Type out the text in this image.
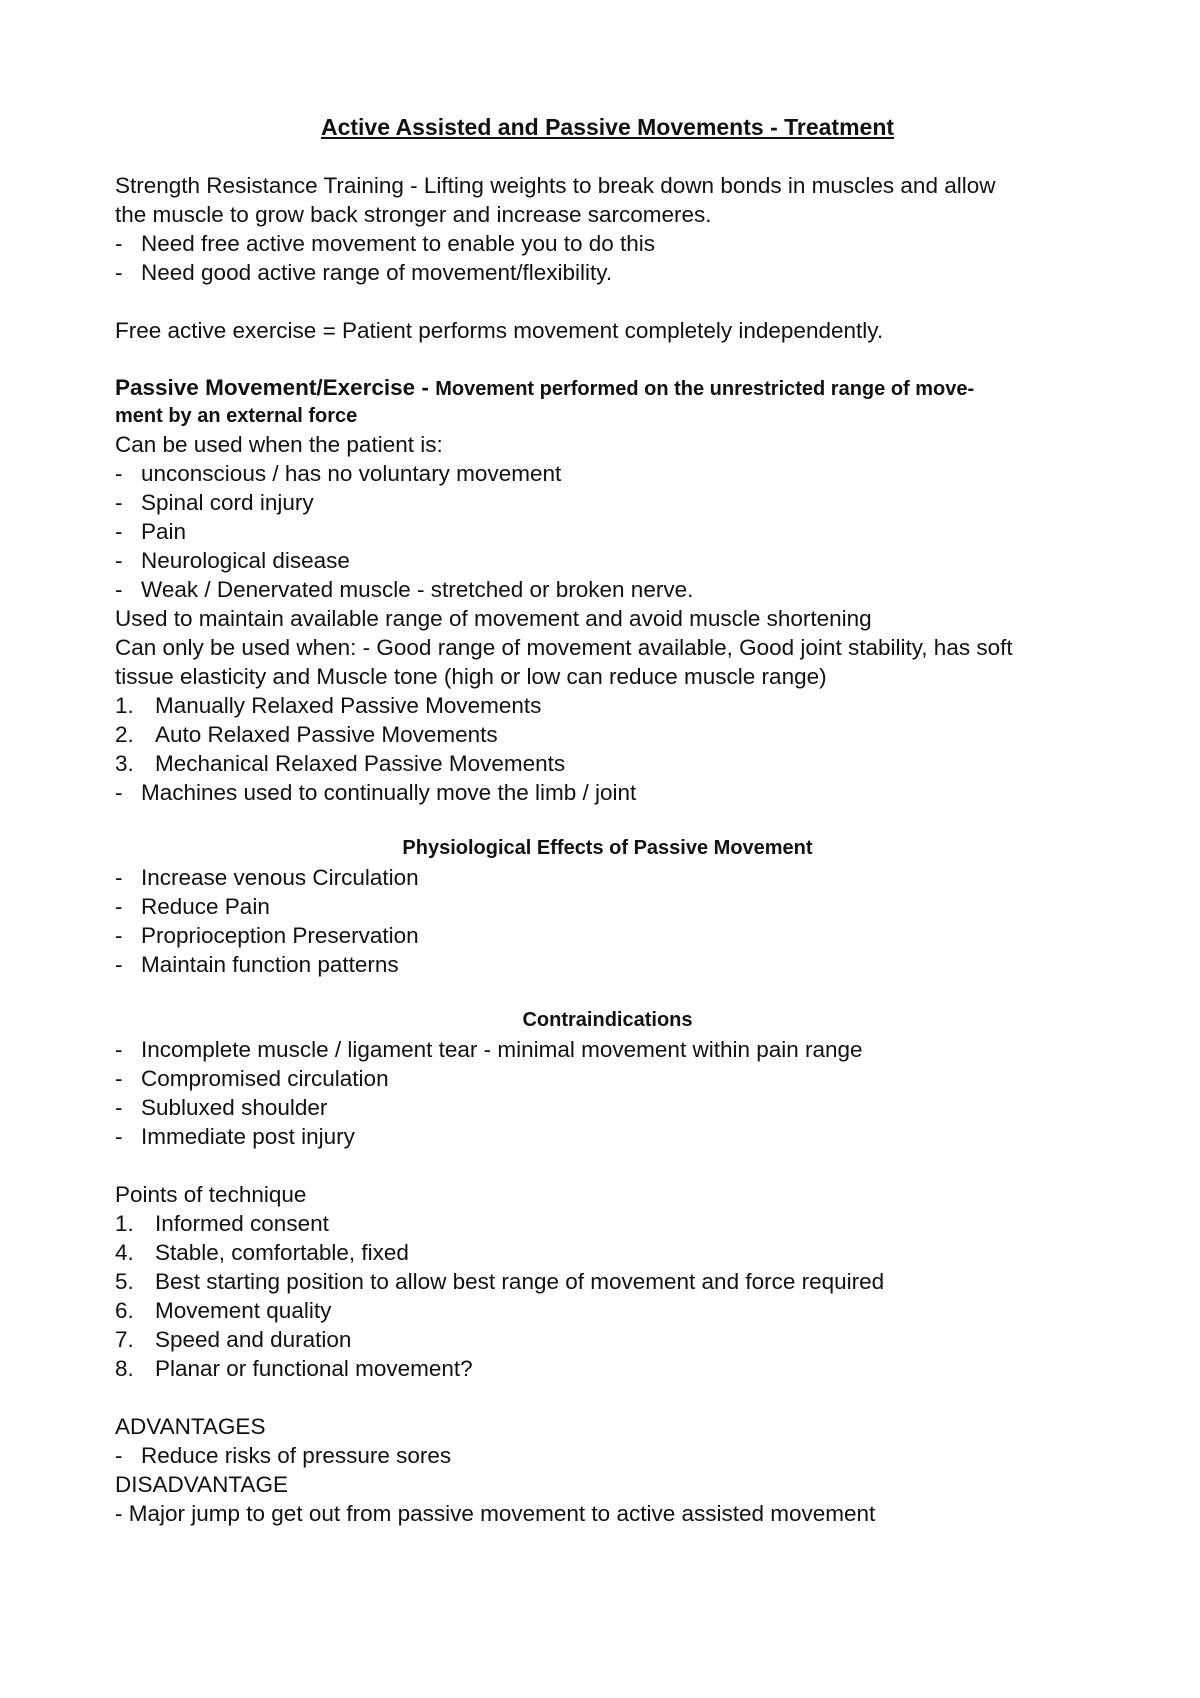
Active Assisted and Passive Movements - Treatment

Strength Resistance Training - Lifting weights to break down bonds in muscles and allow

the muscle to grow back stronger and increase sarcomeres.

- Need free active movement to enable you to do this
- Need good active range of movement/flexibility.

Free active exercise = Patient performs movement completely independently.

Passive Movement/Exercise - Movement performed on the unrestricted range of move-
ment by an external force

Can be used when the patient is:

- unconscious / has no voluntary movement
- Spinal cord injury
- Pain
- Neurological disease
- Weak / Denervated muscle - stretched or broken nerve.

Used to maintain available range of movement and avoid muscle shortening

Can only be used when: - Good range of movement available, Good joint stability, has soft

tissue elasticity and Muscle tone (high or low can reduce muscle range)

1. Manually Relaxed Passive Movements
2. Auto Relaxed Passive Movements
3. Mechanical Relaxed Passive Movements
- Machines used to continually move the limb / joint
Physiological Effects of Passive Movement
- Increase venous Circulation
- Reduce Pain
- Proprioception Preservation
- Maintain function patterns
Contraindications
- Incomplete muscle / ligament tear - minimal movement within pain range
- Compromised circulation
- Subluxed shoulder
- Immediate post injury

Points of technique

1. Informed consent
4. Stable, comfortable, fixed
5. Best starting position to allow best range of movement and force required
6. Movement quality
7. Speed and duration
8. Planar or functional movement?

ADVANTAGES

- Reduce risks of pressure sores

DISADVANTAGE

- Major jump to get out from passive movement to active assisted movement
